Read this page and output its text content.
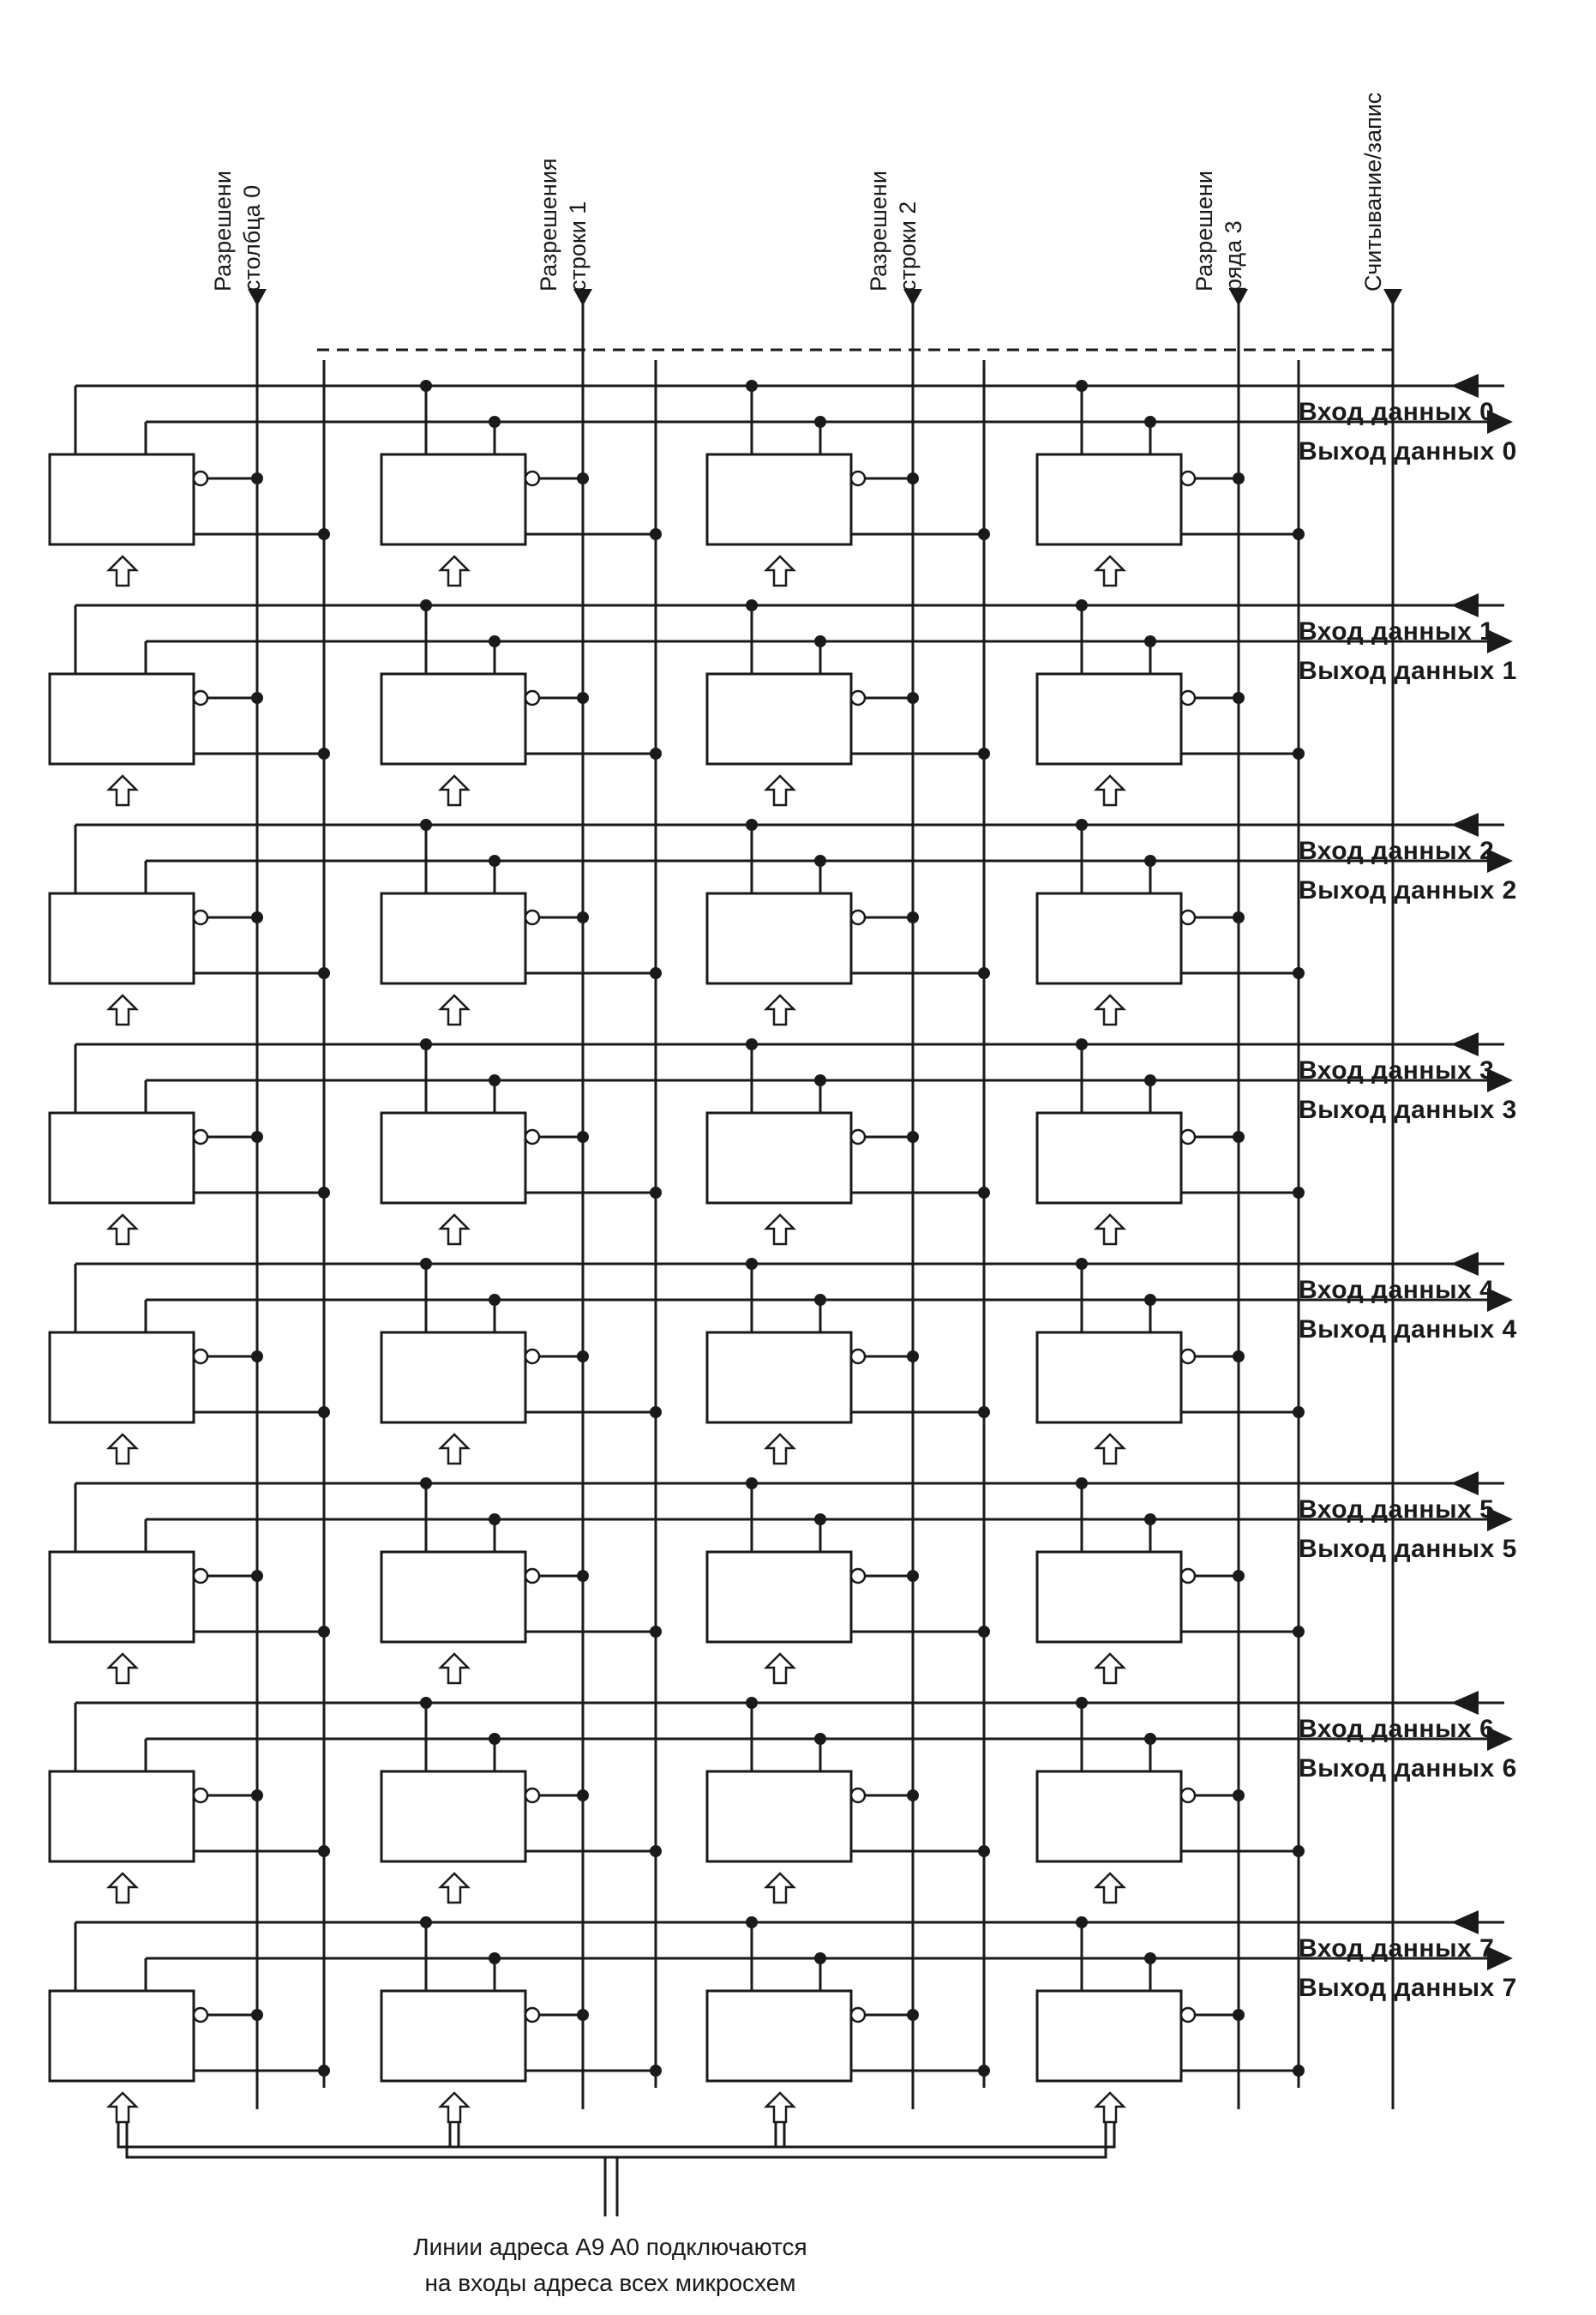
Вход данных 0
Выход данных 0
Вход данных 1
Выход данных 1
Вход данных 2
Выход данных 2
Вход данных 3
Выход данных 3
Вход данных 4
Выход данных 4
Вход данных 5
Выход данных 5
Вход данных 6
Выход данных 6
Вход данных 7
Выход данных 7
Линии адреса A9 A0 подключаются
на входы адреса всех микросхем
Разрешени столбца 0	Разрешения строки 1	Разрешени строки 2	Разрешени ряда 3	Считывание/запис
